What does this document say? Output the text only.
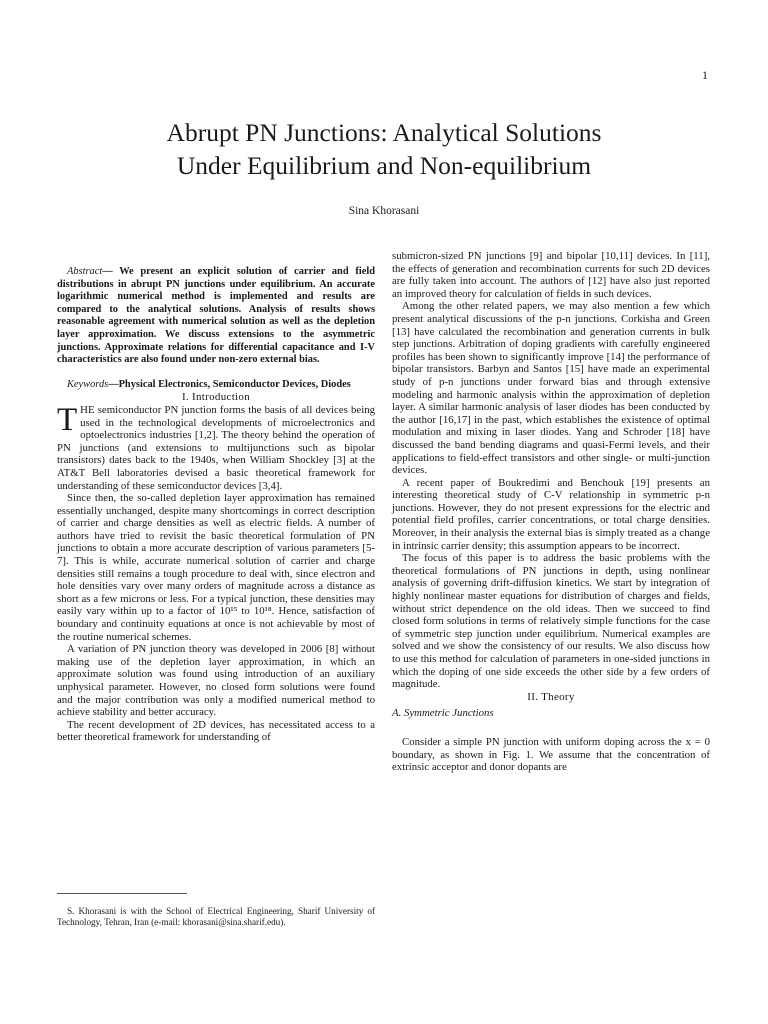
1
Abrupt PN Junctions: Analytical Solutions
Under Equilibrium and Non-equilibrium
Sina Khorasani

Abstract— We present an explicit solution of carrier and field distributions in abrupt PN junctions under equilibrium. An accurate logarithmic numerical method is implemented and results are compared to the analytical solutions. Analysis of results shows reasonable agreement with numerical solution as well as the depletion layer approximation. We discuss extensions to the asymmetric junctions. Approximate relations for differential capacitance and I-V characteristics are also found under non-zero external bias.

Keywords—Physical Electronics, Semiconductor Devices, Diodes

I. Introduction

THE semiconductor PN junction forms the basis of all devices being used in the technological developments of microelectronics and optoelectronics industries [1,2]. The theory behind the operation of PN junctions (and extensions to multijunctions such as bipolar transistors) dates back to the 1940s, when William Shockley [3] at the AT&T Bell laboratories devised a basic theoretical framework for understanding of these semiconductor devices [3,4].

Since then, the so-called depletion layer approximation has remained essentially unchanged, despite many shortcomings in correct description of carrier and charge densities as well as electric fields. A number of authors have tried to revisit the basic theoretical formulation of PN junctions to obtain a more accurate description of various parameters [5-7]. This is while, accurate numerical solution of carrier and charge densities still remains a tough procedure to deal with, since electron and hole densities vary over many orders of magnitude across a distance as short as a few microns or less. For a typical junction, these densities may easily vary within up to a factor of 10¹⁵ to 10¹⁸. Hence, satisfaction of boundary and continuity equations at once is not achievable by most of the routine numerical schemes.

A variation of PN junction theory was developed in 2006 [8] without making use of the depletion layer approximation, in which an approximate solution was found using introduction of an auxiliary unphysical parameter. However, no closed form solutions were found and the major contribution was only a modified numerical method to achieve stability and better accuracy.

The recent development of 2D devices, has necessitated access to a better theoretical framework for understanding of

S. Khorasani is with the School of Electrical Engineering, Sharif University of Technology, Tehran, Iran (e-mail: khorasani@sina.sharif.edu).

submicron-sized PN junctions [9] and bipolar [10,11] devices. In [11], the effects of generation and recombination currents for such 2D devices are fully taken into account. The authors of [12] have also just reported an improved theory for calculation of fields in such devices.

Among the other related papers, we may also mention a few which present analytical discussions of the p-n junctions. Corkisha and Green [13] have calculated the recombination and generation currents in bulk step junctions. Arbitration of doping gradients with carefully engineered profiles has been shown to significantly improve [14] the performance of bipolar transistors. Barbyn and Santos [15] have made an experimental study of p-n junctions under forward bias and through extensive modeling and harmonic analysis within the approximation of depletion layer. A similar harmonic analysis of laser diodes has been conducted by the author [16,17] in the past, which establishes the existence of optimal modulation and mixing in laser diodes. Yang and Schroder [18] have discussed the band bending diagrams and quasi-Fermi levels, and their applications to field-effect transistors and other single- or multi-junction devices.

A recent paper of Boukredimi and Benchouk [19] presents an interesting theoretical study of C-V relationship in symmetric p-n junctions. However, they do not present expressions for the electric and potential field profiles, carrier concentrations, or total charge densities. Moreover, in their analysis the external bias is simply treated as a change in intrinsic carrier density; this assumption appears to be incorrect.

The focus of this paper is to address the basic problems with the theoretical formulations of PN junctions in depth, using nonlinear analysis of governing drift-diffusion kinetics. We start by integration of highly nonlinear master equations for distribution of charges and fields, without strict dependence on the old ideas. Then we succeed to find closed form solutions in terms of relatively simple functions for the case of symmetric step junction under equilibrium. Numerical examples are solved and we show the consistency of our results. We also discuss how to use this method for calculation of parameters in one-sided junctions in which the doping of one side exceeds the other side by a few orders of magnitude.

II. Theory

A. Symmetric Junctions

Consider a simple PN junction with uniform doping across the x = 0 boundary, as shown in Fig. 1. We assume that the concentration of extrinsic acceptor and donor dopants are
